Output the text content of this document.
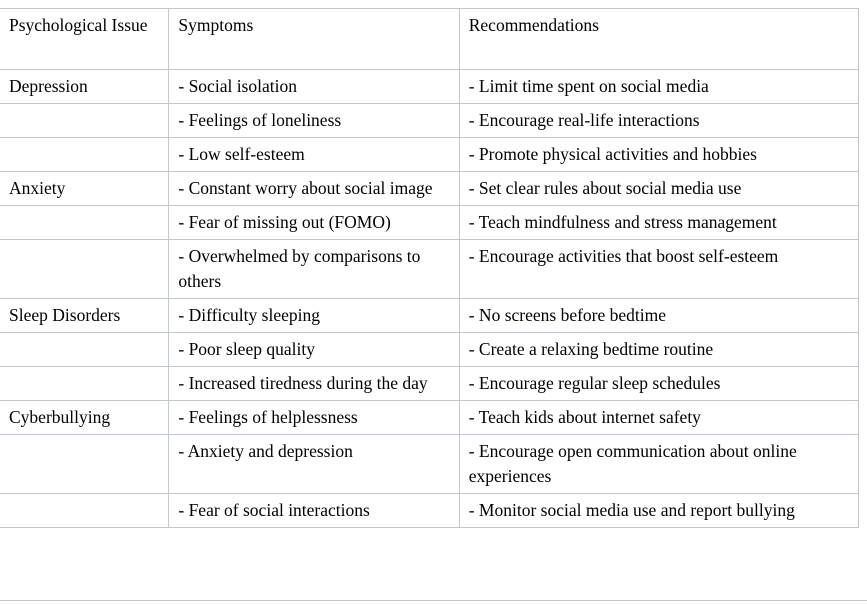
Psychological Issue	Symptoms	Recommendations

Depression	- Social isolation	- Limit time spent on social media

	- Feelings of loneliness	- Encourage real-life interactions

	- Low self-esteem	- Promote physical activities and hobbies

Anxiety	- Constant worry about social image	- Set clear rules about social media use

	- Fear of missing out (FOMO)	- Teach mindfulness and stress management

	- Overwhelmed by comparisons to others	- Encourage activities that boost self-esteem

Sleep Disorders	- Difficulty sleeping	- No screens before bedtime

	- Poor sleep quality	- Create a relaxing bedtime routine

	- Increased tiredness during the day	- Encourage regular sleep schedules

Cyberbullying	- Feelings of helplessness	- Teach kids about internet safety

	- Anxiety and depression	- Encourage open communication about online experiences

	- Fear of social interactions	- Monitor social media use and report bullying
